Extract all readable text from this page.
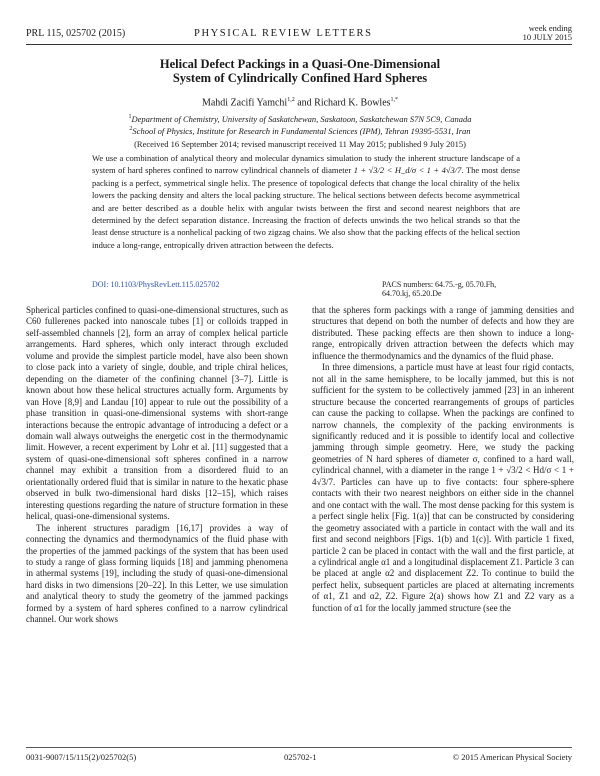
PRL 115, 025702 (2015)	PHYSICAL REVIEW LETTERS	week ending
10 JULY 2015
Helical Defect Packings in a Quasi-One-Dimensional
System of Cylindrically Confined Hard Spheres
Mahdi Zacifi Yamchi$^{1,2}$ and Richard K. Bowles$^{1,*}$
$^1$Department of Chemistry, University of Saskatchewan, Saskatoon, Saskatchewan S7N 5C9, Canada
$^2$School of Physics, Institute for Research in Fundamental Sciences (IPM), Tehran 19395-5531, Iran
(Received 16 September 2014; revised manuscript received 11 May 2015; published 9 July 2015)
We use a combination of analytical theory and molecular dynamics simulation to study the inherent structure landscape of a system of hard spheres confined to narrow cylindrical channels of diameter 1 + √3/2 < H_d/σ < 1 + 4√3/7. The most dense packing is a perfect, symmetrical single helix. The presence of topological defects that change the local chirality of the helix lowers the packing density and alters the local packing structure. The helical sections between defects become asymmetrical and are better described as a double helix with angular twists between the first and second nearest neighbors that are determined by the defect separation distance. Increasing the fraction of defects unwinds the two helical strands so that the least dense structure is a nonhelical packing of two zigzag chains. We also show that the packing effects of the helical section induce a long-range, entropically driven attraction between the defects.
DOI: 10.1103/PhysRevLett.115.025702	PACS numbers: 64.75.-g, 05.70.Fh, 64.70.kj, 65.20.De

Spherical particles confined to quasi-one-dimensional structures, such as C60 fullerenes packed into nanoscale tubes [1] or colloids trapped in self-assembled channels [2], form an array of complex helical particle arrangements. Hard spheres, which only interact through excluded volume and provide the simplest particle model, have also been shown to close pack into a variety of single, double, and triple chiral helices, depending on the diameter of the confining channel [3–7]. Little is known about how these helical structures actually form. Arguments by van Hove [8,9] and Landau [10] appear to rule out the possibility of a phase transition in quasi-one-dimensional systems with short-range interactions because the entropic advantage of introducing a defect or a domain wall always outweighs the energetic cost in the thermodynamic limit. However, a recent experiment by Lohr et al. [11] suggested that a system of quasi-one-dimensional soft spheres confined in a narrow channel may exhibit a transition from a disordered fluid to an orientationally ordered fluid that is similar in nature to the hexatic phase observed in bulk two-dimensional hard disks [12–15], which raises interesting questions regarding the nature of structure formation in these helical, quasi-one-dimensional systems.

The inherent structures paradigm [16,17] provides a way of connecting the dynamics and thermodynamics of the fluid phase with the properties of the jammed packings of the system that has been used to study a range of glass forming liquids [18] and jamming phenomena in athermal systems [19], including the study of quasi-one-dimensional hard disks in two dimensions [20–22]. In this Letter, we use simulation and analytical theory to study the geometry of the jammed packings formed by a system of hard spheres confined to a narrow cylindrical channel. Our work shows

that the spheres form packings with a range of jamming densities and structures that depend on both the number of defects and how they are distributed. These packing effects are then shown to induce a long-range, entropically driven attraction between the defects which may influence the thermodynamics and the dynamics of the fluid phase.

In three dimensions, a particle must have at least four rigid contacts, not all in the same hemisphere, to be locally jammed, but this is not sufficient for the system to be collectively jammed [23] in an inherent structure because the concerted rearrangements of groups of particles can cause the packing to collapse. When the packings are confined to narrow channels, the complexity of the packing environments is significantly reduced and it is possible to identify local and collective jamming through simple geometry. Here, we study the packing geometries of N hard spheres of diameter σ, confined to a hard wall, cylindrical channel, with a diameter in the range 1 + √3/2 < Hd/σ < 1 + 4√3/7. Particles can have up to five contacts: four sphere-sphere contacts with their two nearest neighbors on either side in the channel and one contact with the wall. The most dense packing for this system is a perfect single helix [Fig. 1(a)] that can be constructed by considering the geometry associated with a particle in contact with the wall and its first and second neighbors [Figs. 1(b) and 1(c)]. With particle 1 fixed, particle 2 can be placed in contact with the wall and the first particle, at a cylindrical angle α1 and a longitudinal displacement Z1. Particle 3 can be placed at angle α2 and displacement Z2. To continue to build the perfect helix, subsequent particles are placed at alternating increments of α1, Z1 and α2, Z2. Figure 2(a) shows how Z1 and Z2 vary as a function of α1 for the locally jammed structure (see the

0031-9007/15/115(2)/025702(5)	025702-1	© 2015 American Physical Society
